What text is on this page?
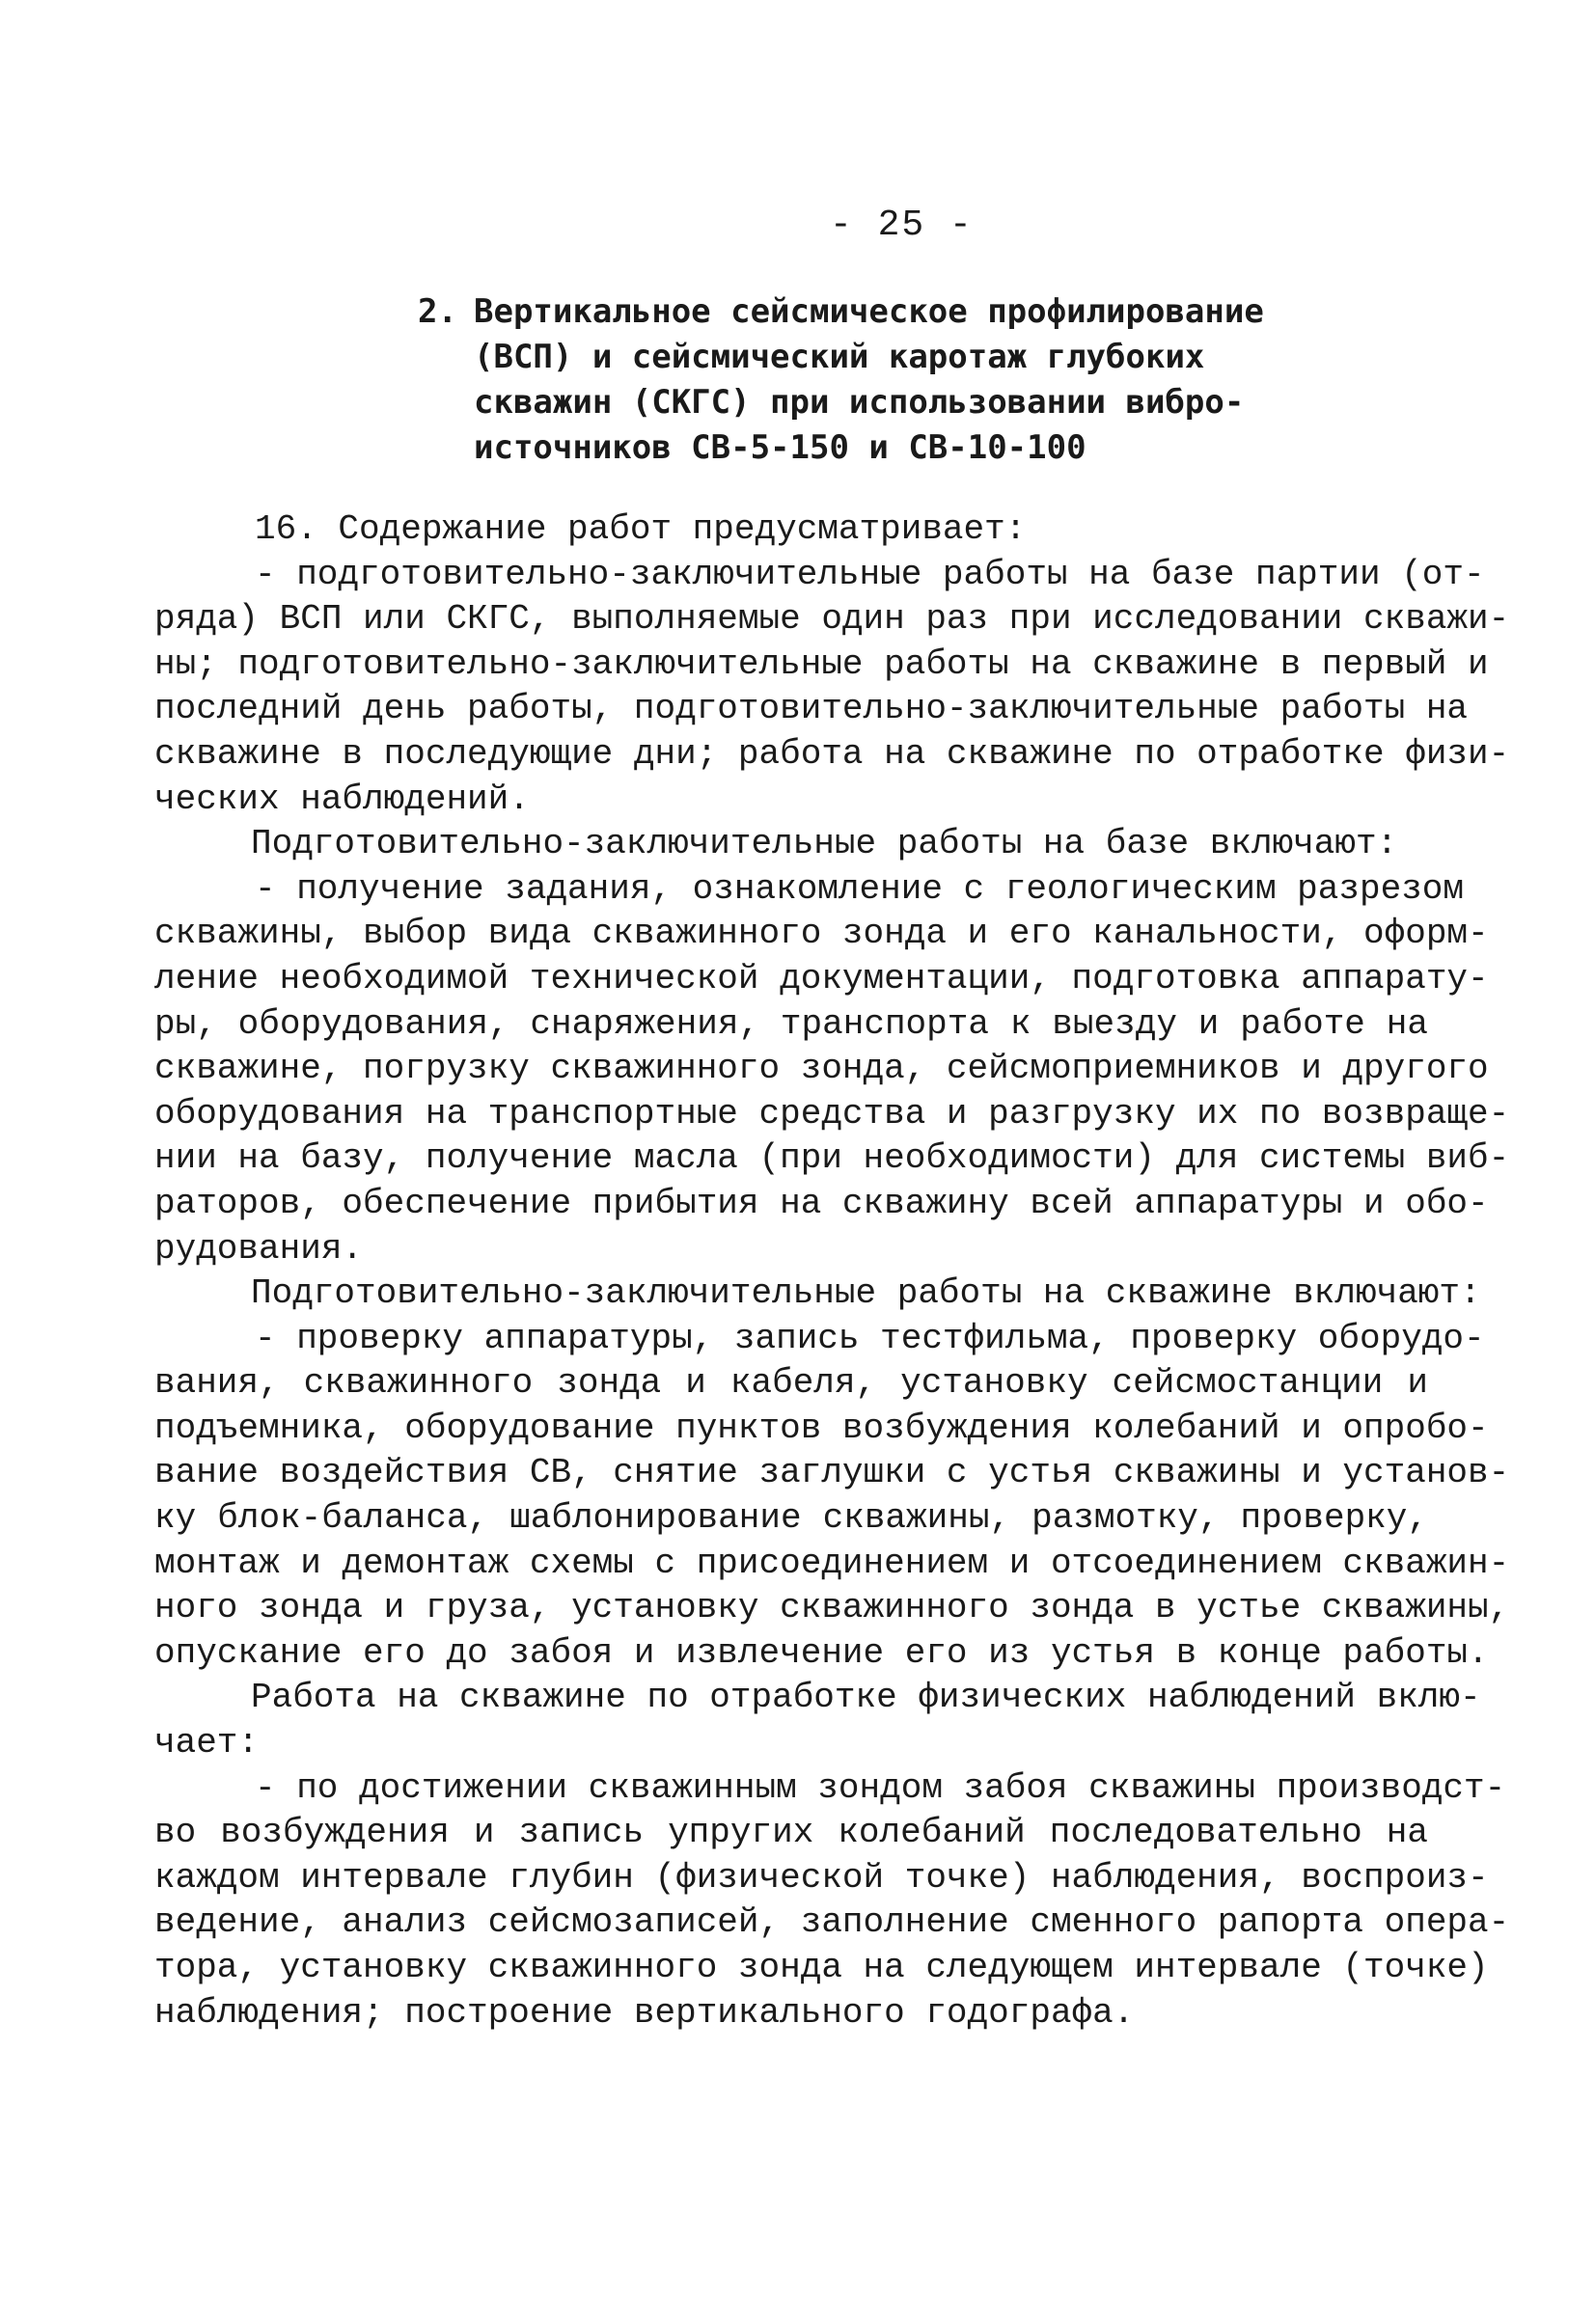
- 25 -
2. Вертикальное сейсмическое профилирование
(ВСП) и сейсмический каротаж глубоких
скважин (СКГС) при использовании вибро-
источников СВ-5-150 и СВ-10-100
16. Содержание работ предусматривает:
- подготовительно-заключительные работы на базе партии (от-
ряда) ВСП или СКГС, выполняемые один раз при исследовании скважи-
ны; подготовительно-заключительные работы на скважине в первый и
последний день работы, подготовительно-заключительные работы на
скважине в последующие дни; работа на скважине по отработке физи-
ческих наблюдений.
Подготовительно-заключительные работы на базе включают:
- получение задания, ознакомление с геологическим разрезом
скважины, выбор вида скважинного зонда и его канальности, оформ-
ление необходимой технической документации, подготовка аппарату-
ры, оборудования, снаряжения, транспорта к выезду и работе на
скважине, погрузку скважинного зонда, сейсмоприемников и другого
оборудования на транспортные средства и разгрузку их по возвраще-
нии на базу, получение масла (при необходимости) для системы виб-
раторов, обеспечение прибытия на скважину всей аппаратуры и обо-
рудования.
Подготовительно-заключительные работы на скважине включают:
- проверку аппаратуры, запись тестфильма, проверку оборудо-
вания, скважинного зонда и кабеля, установку сейсмостанции и
подъемника, оборудование пунктов возбуждения колебаний и опробо-
вание воздействия СВ, снятие заглушки с устья скважины и установ-
ку блок-баланса, шаблонирование скважины, размотку, проверку,
монтаж и демонтаж схемы с присоединением и отсоединением скважин-
ного зонда и груза, установку скважинного зонда в устье скважины,
опускание его до забоя и извлечение его из устья в конце работы.
Работа на скважине по отработке физических наблюдений вклю-
чает:
- по достижении скважинным зондом забоя скважины производст-
во возбуждения и запись упругих колебаний последовательно на
каждом интервале глубин (физической точке) наблюдения, воспроиз-
ведение, анализ сейсмозаписей, заполнение сменного рапорта опера-
тора, установку скважинного зонда на следующем интервале (точке)
наблюдения; построение вертикального годографа.
